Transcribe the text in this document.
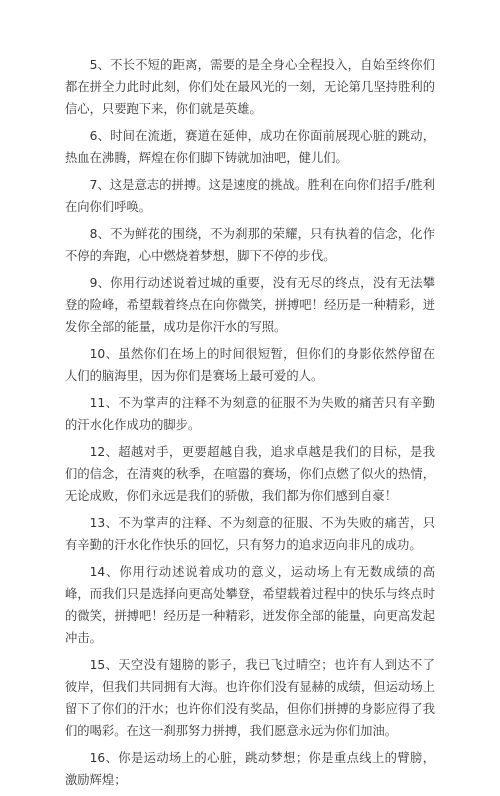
5、不长不短的距离，需要的是全身心全程投入，自始至终你们都在拼全力此时此刻，你们处在最风光的一刻，无论第几坚持胜利的信心，只要跑下来，你们就是英雄。

6、时间在流逝，赛道在延伸，成功在你面前展现心脏的跳动，热血在沸腾，辉煌在你们脚下铸就加油吧，健儿们。

7、这是意志的拼搏。这是速度的挑战。胜利在向你们招手/胜利在向你们呼唤。

8、不为鲜花的围绕，不为刹那的荣耀，只有执着的信念，化作不停的奔跑，心中燃烧着梦想，脚下不停的步伐。

9、你用行动述说着过城的重要，没有无尽的终点，没有无法攀登的险峰，希望载着终点在向你微笑，拼搏吧！经历是一种精彩，迸发你全部的能量，成功是你汗水的写照。

10、虽然你们在场上的时间很短暂，但你们的身影依然停留在人们的脑海里，因为你们是赛场上最可爱的人。

11、不为掌声的注释不为刻意的征服不为失败的痛苦只有辛勤的汗水化作成功的脚步。

12、超越对手，更要超越自我，追求卓越是我们的目标，是我们的信念，在清爽的秋季，在喧嚣的赛场，你们点燃了似火的热情，无论成败，你们永远是我们的骄傲，我们都为你们感到自豪！

13、不为掌声的注释、不为刻意的征服、不为失败的痛苦，只有辛勤的汗水化作快乐的回忆，只有努力的追求迈向非凡的成功。

14、你用行动述说着成功的意义，运动场上有无数成绩的高峰，而我们只是选择向更高处攀登，希望载着过程中的快乐与终点时的微笑，拼搏吧！经历是一种精彩，迸发你全部的能量，向更高发起冲击。

15、天空没有翅膀的影子，我已飞过晴空；也许有人到达不了彼岸，但我们共同拥有大海。也许你们没有显赫的成绩，但运动场上留下了你们的汗水；也许你们没有奖品，但你们拼搏的身影应得了我们的喝彩。在这一刹那努力拼搏，我们愿意永远为你们加油。

16、你是运动场上的心脏，跳动梦想；你是重点线上的臂膀，激励辉煌；
